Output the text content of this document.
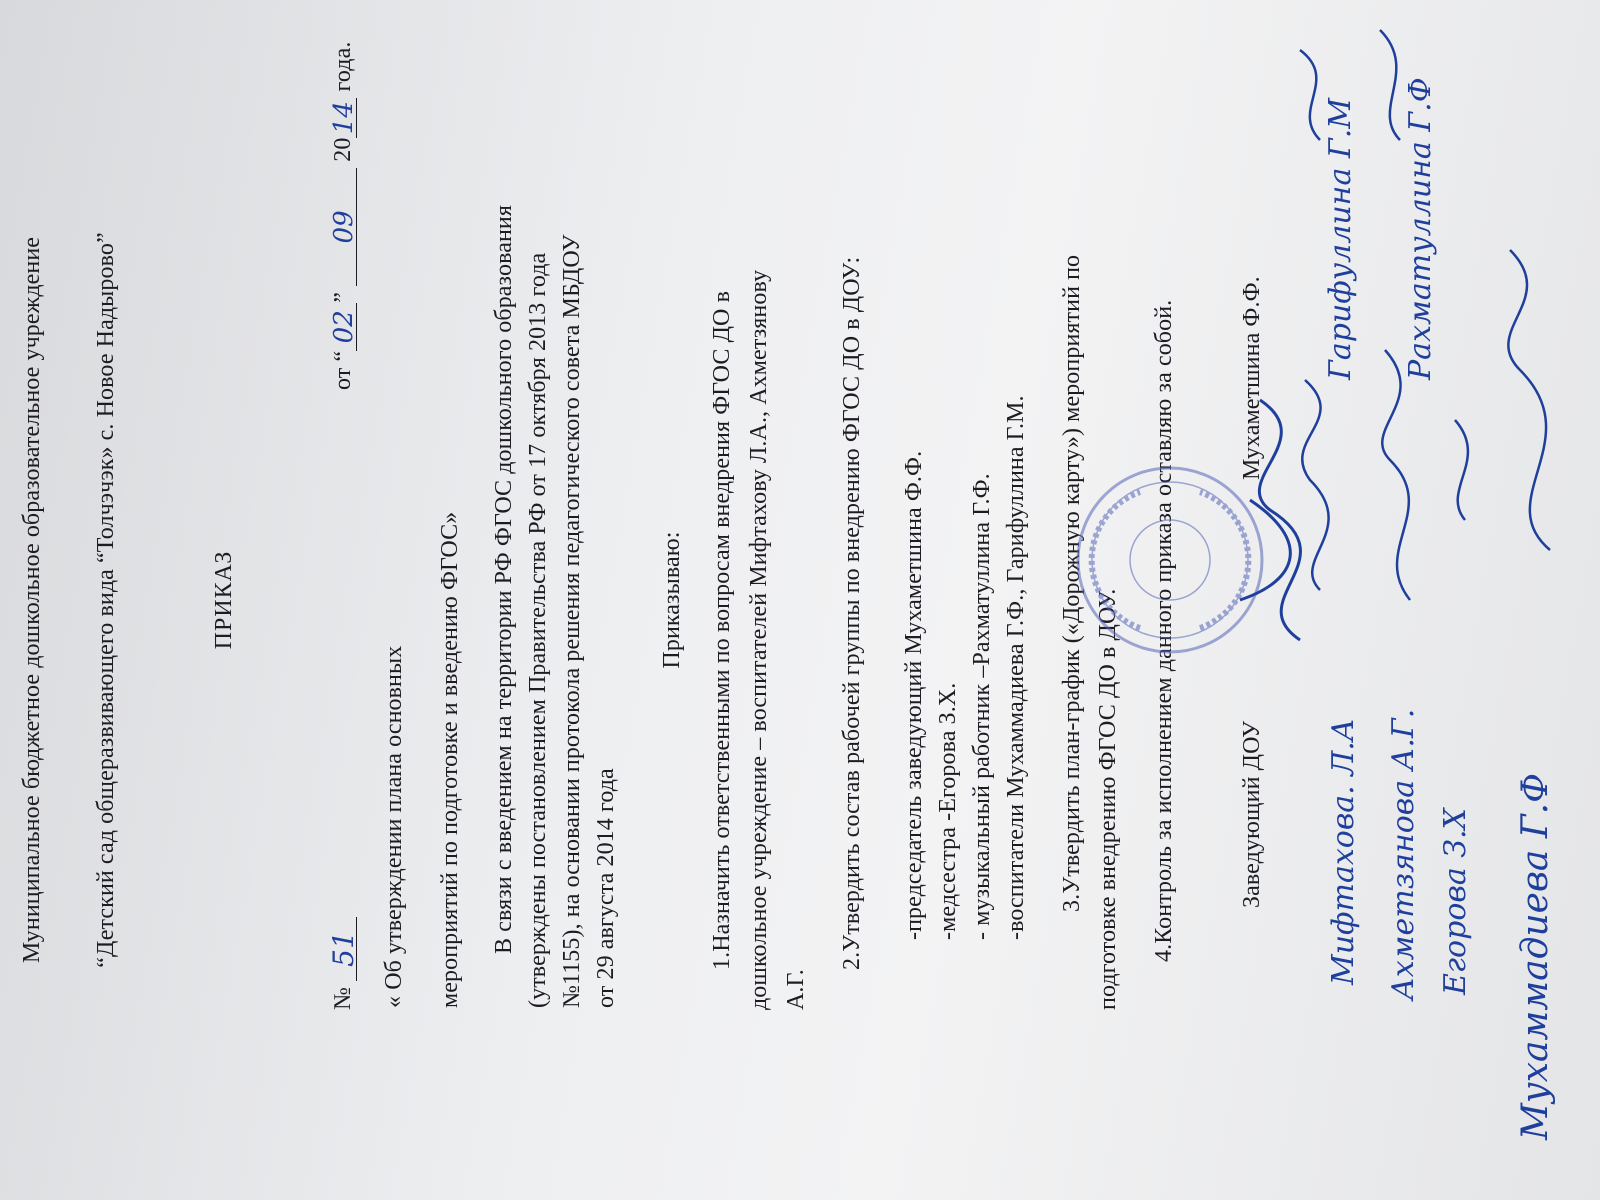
Муниципальное бюджетное дошкольное образовательное учреждение “Детский сад общеразвивающего вида “Толчэчэк» с. Новое Надырово”	ПРИКАЗ
№ 51
от “02” 09 2014 года.
« Об утверждении плана основных мероприятий по подготовке и введению ФГОС» В связи с введением на территории РФ ФГОС дошкольного образования (утверждены постановлением Правительства РФ от 17 октября 2013 года №1155), на основании протокола решения педагогического совета МБДОУ от 29 августа 2014 года
Приказываю: 1.Назначить ответственными по вопросам внедрения ФГОС ДО в дошкольное учреждение – воспитателей Мифтахову Л.А., Ахметзянову А.Г.
2.Утвердить состав рабочей группы по внедрению ФГОС ДО в ДОУ: -председатель заведующий Мухаметшина Ф.Ф. -медсестра -Егорова З.Х. - музыкальный работник –Рахматуллина Г.Ф. -воспитатели Мухаммадиева Г.Ф., Гарифуллина Г.М. 3.Утвердить план-график («Дорожную карту») мероприятий по подготовке внедрению ФГОС ДО в ДОУ. 4.Контроль за исполнением данного приказа оставляю за собой.	Заведующий ДОУ
Мухаметшина Ф.Ф.
Мифтахова. Л.А Ахметзянова А.Г. Егорова З.Х Мухаммадиева Г.Ф
Гарифуллина Г.М Рахматуллина Г.Ф
